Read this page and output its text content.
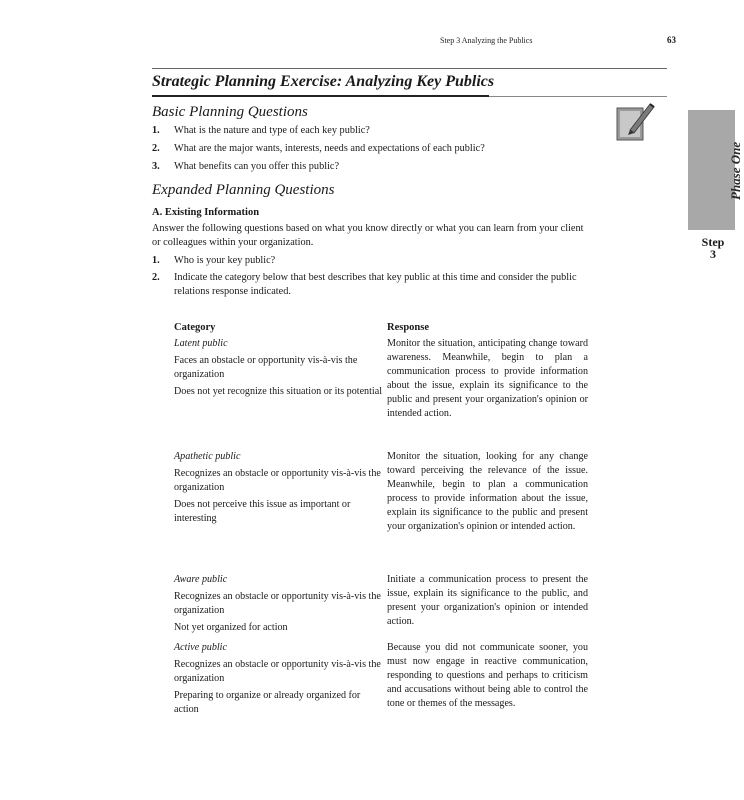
Step 3 Analyzing the Publics	63
Strategic Planning Exercise: Analyzing Key Publics
Phase One
Step
3
Basic Planning Questions
1. What is the nature and type of each key public?
2. What are the major wants, interests, needs and expectations of each public?
3. What benefits can you offer this public?
Expanded Planning Questions
A. Existing Information
Answer the following questions based on what you know directly or what you can learn from your client or colleagues within your organization.
1. Who is your key public?
2. Indicate the category below that best describes that key public at this time and consider the public relations response indicated.
Category	Response
Latent public
Faces an obstacle or opportunity vis-à-vis the organization
Does not yet recognize this situation or its potential
Monitor the situation, anticipating change toward awareness. Meanwhile, begin to plan a communication process to provide information about the issue, explain its significance to the public and present your organization's opinion or intended action.
Apathetic public
Recognizes an obstacle or opportunity vis-à-vis the organization
Does not perceive this issue as important or interesting
Monitor the situation, looking for any change toward perceiving the relevance of the issue. Meanwhile, begin to plan a communication process to provide information about the issue, explain its significance to the public and present your organization's opinion or intended action.
Aware public
Recognizes an obstacle or opportunity vis-à-vis the organization
Not yet organized for action
Initiate a communication process to present the issue, explain its significance to the public, and present your organization's opinion or intended action.
Active public
Recognizes an obstacle or opportunity vis-à-vis the organization
Preparing to organize or already organized for action
Because you did not communicate sooner, you must now engage in reactive communication, responding to questions and perhaps to criticism and accusations without being able to control the tone or themes of the messages.
